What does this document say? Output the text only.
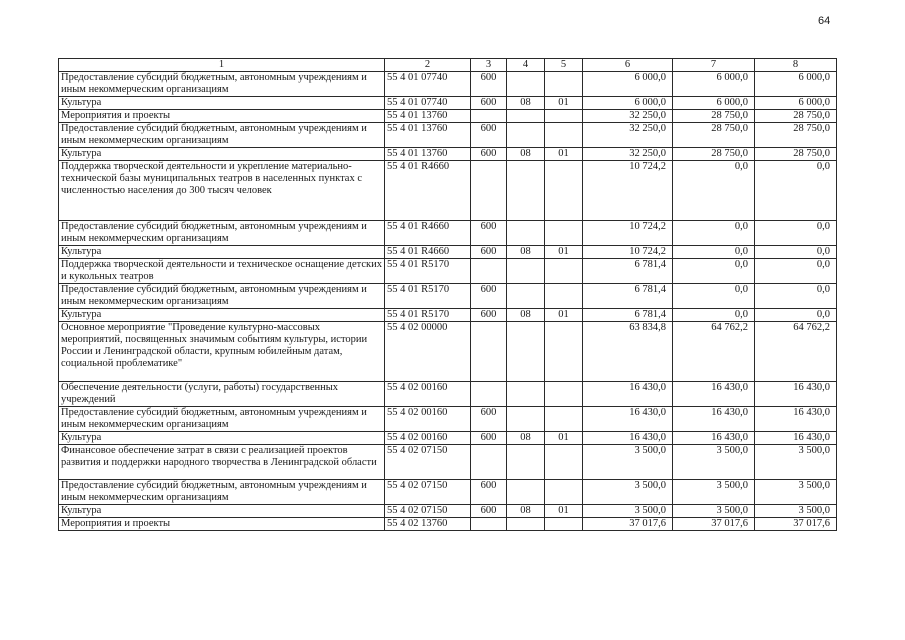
64
1	2	3	4	5	6	7	8
Предоставление субсидий бюджетным, автономным учреждениям и иным некоммерческим организациям	55 4 01 07740	600			6 000,0	6 000,0	6 000,0
Культура	55 4 01 07740	600	08	01	6 000,0	6 000,0	6 000,0
Мероприятия и проекты	55 4 01 13760				32 250,0	28 750,0	28 750,0
Предоставление субсидий бюджетным, автономным учреждениям и иным некоммерческим организациям	55 4 01 13760	600			32 250,0	28 750,0	28 750,0
Культура	55 4 01 13760	600	08	01	32 250,0	28 750,0	28 750,0
Поддержка творческой деятельности и укрепление материально-технической базы муниципальных театров в населенных пунктах с численностью населения до 300 тысяч человек	55 4 01 R4660				10 724,2	0,0	0,0
Предоставление субсидий бюджетным, автономным учреждениям и иным некоммерческим организациям	55 4 01 R4660	600			10 724,2	0,0	0,0
Культура	55 4 01 R4660	600	08	01	10 724,2	0,0	0,0
Поддержка творческой деятельности и техническое оснащение детских и кукольных театров	55 4 01 R5170				6 781,4	0,0	0,0
Предоставление субсидий бюджетным, автономным учреждениям и иным некоммерческим организациям	55 4 01 R5170	600			6 781,4	0,0	0,0
Культура	55 4 01 R5170	600	08	01	6 781,4	0,0	0,0
Основное мероприятие "Проведение культурно-массовых мероприятий, посвященных значимым событиям культуры, истории России и Ленинградской области, крупным юбилейным датам, социальной проблематике"	55 4 02 00000				63 834,8	64 762,2	64 762,2
Обеспечение деятельности (услуги, работы) государственных учреждений	55 4 02 00160				16 430,0	16 430,0	16 430,0
Предоставление субсидий бюджетным, автономным учреждениям и иным некоммерческим организациям	55 4 02 00160	600			16 430,0	16 430,0	16 430,0
Культура	55 4 02 00160	600	08	01	16 430,0	16 430,0	16 430,0
Финансовое обеспечение затрат в связи с реализацией проектов развития и поддержки народного творчества в Ленинградской области	55 4 02 07150				3 500,0	3 500,0	3 500,0
Предоставление субсидий бюджетным, автономным учреждениям и иным некоммерческим организациям	55 4 02 07150	600			3 500,0	3 500,0	3 500,0
Культура	55 4 02 07150	600	08	01	3 500,0	3 500,0	3 500,0
Мероприятия и проекты	55 4 02 13760				37 017,6	37 017,6	37 017,6
